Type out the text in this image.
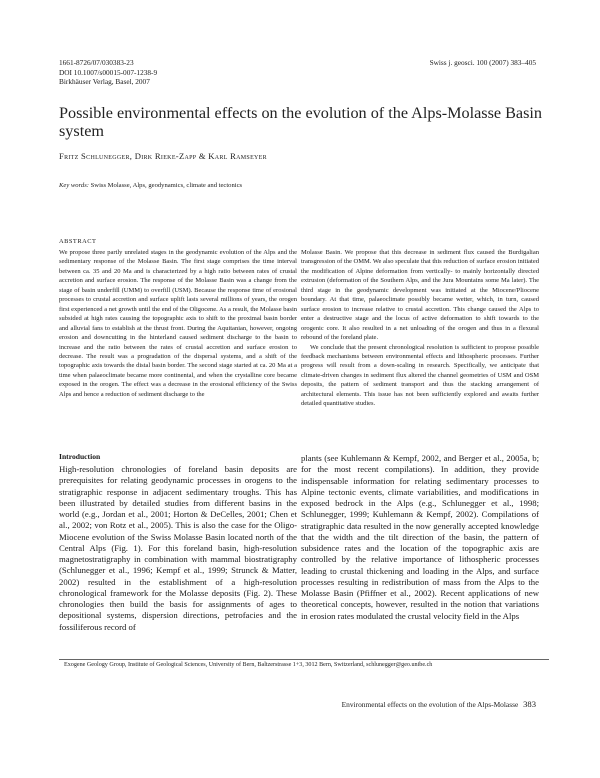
1661-8726/07/030383-23
DOI 10.1007/s00015-007-1238-9
Birkhäuser Verlag, Basel, 2007
Swiss j. geosci. 100 (2007) 383–405
Possible environmental effects on the evolution of the Alps-Molasse Basin system
Fritz Schlunegger, Dirk Rieke-Zapp & Karl Ramseyer
Key words: Swiss Molasse, Alps, geodynamics, climate and tectonics
ABSTRACT

We propose three partly unrelated stages in the geodynamic evolution of the Alps and the sedimentary response of the Molasse Basin. The first stage comprises the time interval between ca. 35 and 20 Ma and is characterized by a high ratio between rates of crustal accretion and surface erosion. The response of the Molasse Basin was a change from the stage of basin underfill (UMM) to overfill (USM). Because the response time of erosional processes to crustal accretion and surface uplift lasts several millions of years, the orogen first experienced a net growth until the end of the Oligocene. As a result, the Molasse basin subsided at high rates causing the topographic axis to shift to the proximal basin border and alluvial fans to establish at the thrust front. During the Aquitanian, however, ongoing erosion and downcutting in the hinterland caused sediment discharge to the basin to increase and the ratio between the rates of crustal accretion and surface erosion to decrease. The result was a progradation of the dispersal systems, and a shift of the topographic axis towards the distal basin border. The second stage started at ca. 20 Ma at a time when palaeoclimate became more continental, and when the crystalline core became exposed in the orogen. The effect was a decrease in the erosional efficiency of the Swiss Alps and hence a reduction of sediment discharge to the

Molasse Basin. We propose that this decrease in sediment flux caused the Burdigalian transgression of the OMM. We also speculate that this reduction of surface erosion initiated the modification of Alpine deformation from vertically- to mainly horizontally directed extrusion (deformation of the Southern Alps, and the Jura Mountains some Ma later). The third stage in the geodynamic development was initiated at the Miocene/Pliocene boundary. At that time, palaeoclimate possibly became wetter, which, in turn, caused surface erosion to increase relative to crustal accretion. This change caused the Alps to enter a destructive stage and the locus of active deformation to shift towards to the orogenic core. It also resulted in a net unloading of the orogen and thus in a flexural rebound of the foreland plate.

We conclude that the present chronological resolution is sufficient to propose possible feedback mechanisms between environmental effects and lithospheric processes. Further progress will result from a down-scaling in research. Specifically, we anticipate that climate-driven changes in sediment flux altered the channel geometries of USM and OSM deposits, the pattern of sediment transport and thus the stacking arrangement of architectural elements. This issue has not been sufficiently explored and awaits further detailed quantitative studies.

Introduction

High-resolution chronologies of foreland basin deposits are prerequisites for relating geodynamic processes in orogens to the stratigraphic response in adjacent sedimentary troughs. This has been illustrated by detailed studies from different basins in the world (e.g., Jordan et al., 2001; Horton & DeCelles, 2001; Chen et al., 2002; von Rotz et al., 2005). This is also the case for the Oligo-Miocene evolution of the Swiss Molasse Basin located north of the Central Alps (Fig. 1). For this foreland basin, high-resolution magnetostratigraphy in combination with mammal biostratigraphy (Schlunegger et al., 1996; Kempf et al., 1999; Strunck & Matter, 2002) resulted in the establishment of a high-resolution chronological framework for the Molasse deposits (Fig. 2). These chronologies then build the basis for assignments of ages to depositional systems, dispersion directions, petrofacies and the fossiliferous record of

plants (see Kuhlemann & Kempf, 2002, and Berger et al., 2005a, b; for the most recent compilations). In addition, they provide indispensable information for relating sedimentary processes to Alpine tectonic events, climate variabilities, and modifications in exposed bedrock in the Alps (e.g., Schlunegger et al., 1998; Schlunegger, 1999; Kuhlemann & Kempf, 2002). Compilations of stratigraphic data resulted in the now generally accepted knowledge that the width and the tilt direction of the basin, the pattern of subsidence rates and the location of the topographic axis are controlled by the relative importance of lithospheric processes leading to crustal thickening and loading in the Alps, and surface processes resulting in redistribution of mass from the Alps to the Molasse Basin (Pfiffner et al., 2002). Recent applications of new theoretical concepts, however, resulted in the notion that variations in erosion rates modulated the crustal velocity field in the Alps

Exogene Geology Group, Institute of Geological Sciences, University of Bern, Baltzerstrasse 1+3, 3012 Bern, Switzerland, schlunegger@geo.unibe.ch
Environmental effects on the evolution of the Alps-Molasse 383
